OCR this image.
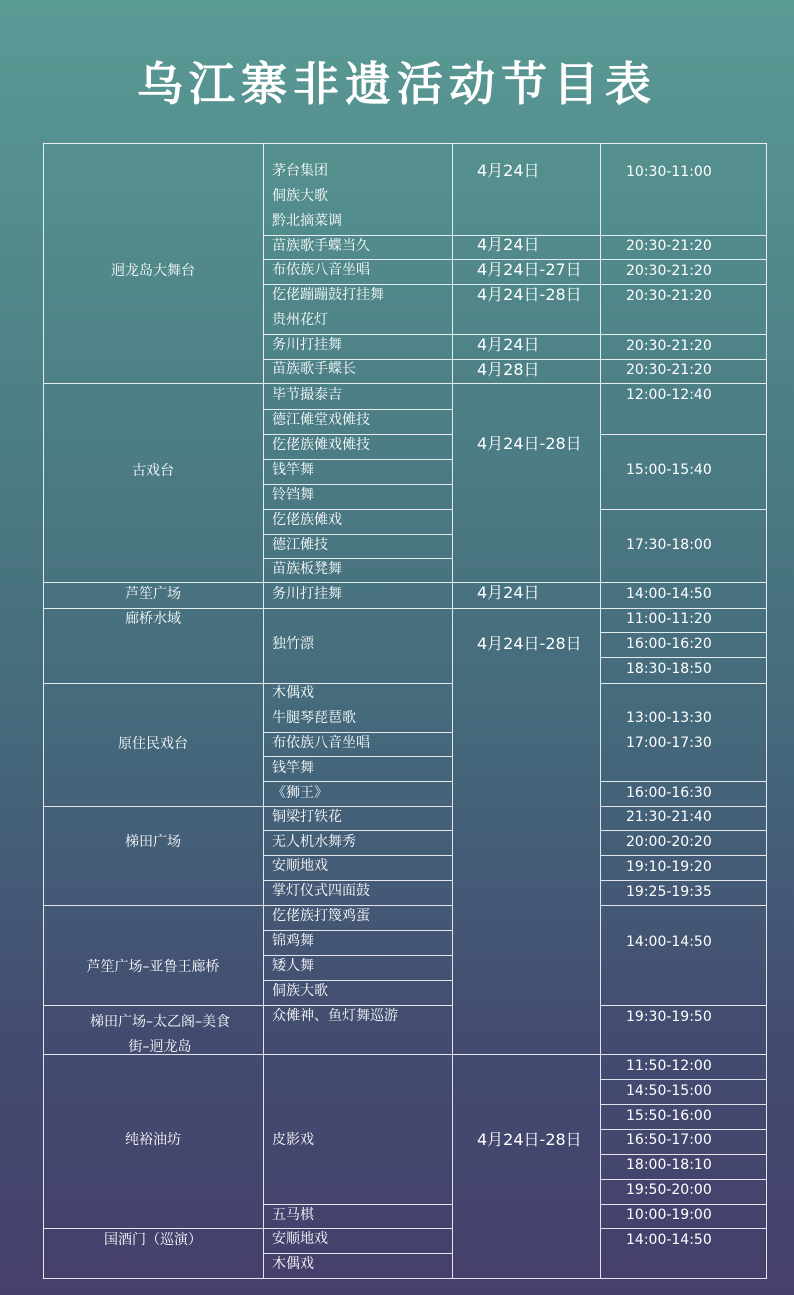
乌江寨非遗活动节目表
迥龙岛大舞台
古戏台
芦笙广场
廊桥水域
原住民戏台
梯田广场
芦笙广场–亚鲁王廊桥
纯裕油坊
国酒门（巡演）
梯田广场–太乙阁–美食街–迥龙岛
茅台集团
侗族大歌
黔北摘菜调
苗族歌手蝶当久
布依族八音坐唱
仡佬蹦蹦鼓打挂舞
贵州花灯
务川打挂舞
苗族歌手蝶长
毕节撮泰吉
德江傩堂戏傩技
仡佬族傩戏傩技
钱竿舞
铃铛舞
仡佬族傩戏
德江傩技
苗族板凳舞
务川打挂舞
独竹漂
木偶戏
牛腿琴琵琶歌
布依族八音坐唱
钱竿舞
《狮王》
铜梁打铁花
无人机水舞秀
安顺地戏
掌灯仪式四面鼓
仡佬族打篾鸡蛋
锦鸡舞
矮人舞
侗族大歌
众傩神、鱼灯舞巡游
皮影戏
五马棋
安顺地戏
木偶戏
4月24日
4月24日
4月24日-27日
4月24日-28日
4月24日
4月28日
4月24日-28日
4月24日
4月24日-28日
4月24日-28日
10:30-11:00
20:30-21:20
20:30-21:20
20:30-21:20
20:30-21:20
20:30-21:20
12:00-12:40
15:00-15:40
17:30-18:00
14:00-14:50
11:00-11:20
16:00-16:20
18:30-18:50
13:00-13:30
17:00-17:30
16:00-16:30
21:30-21:40
20:00-20:20
19:10-19:20
19:25-19:35
14:00-14:50
19:30-19:50
11:50-12:00
14:50-15:00
15:50-16:00
16:50-17:00
18:00-18:10
19:50-20:00
10:00-19:00
14:00-14:50
